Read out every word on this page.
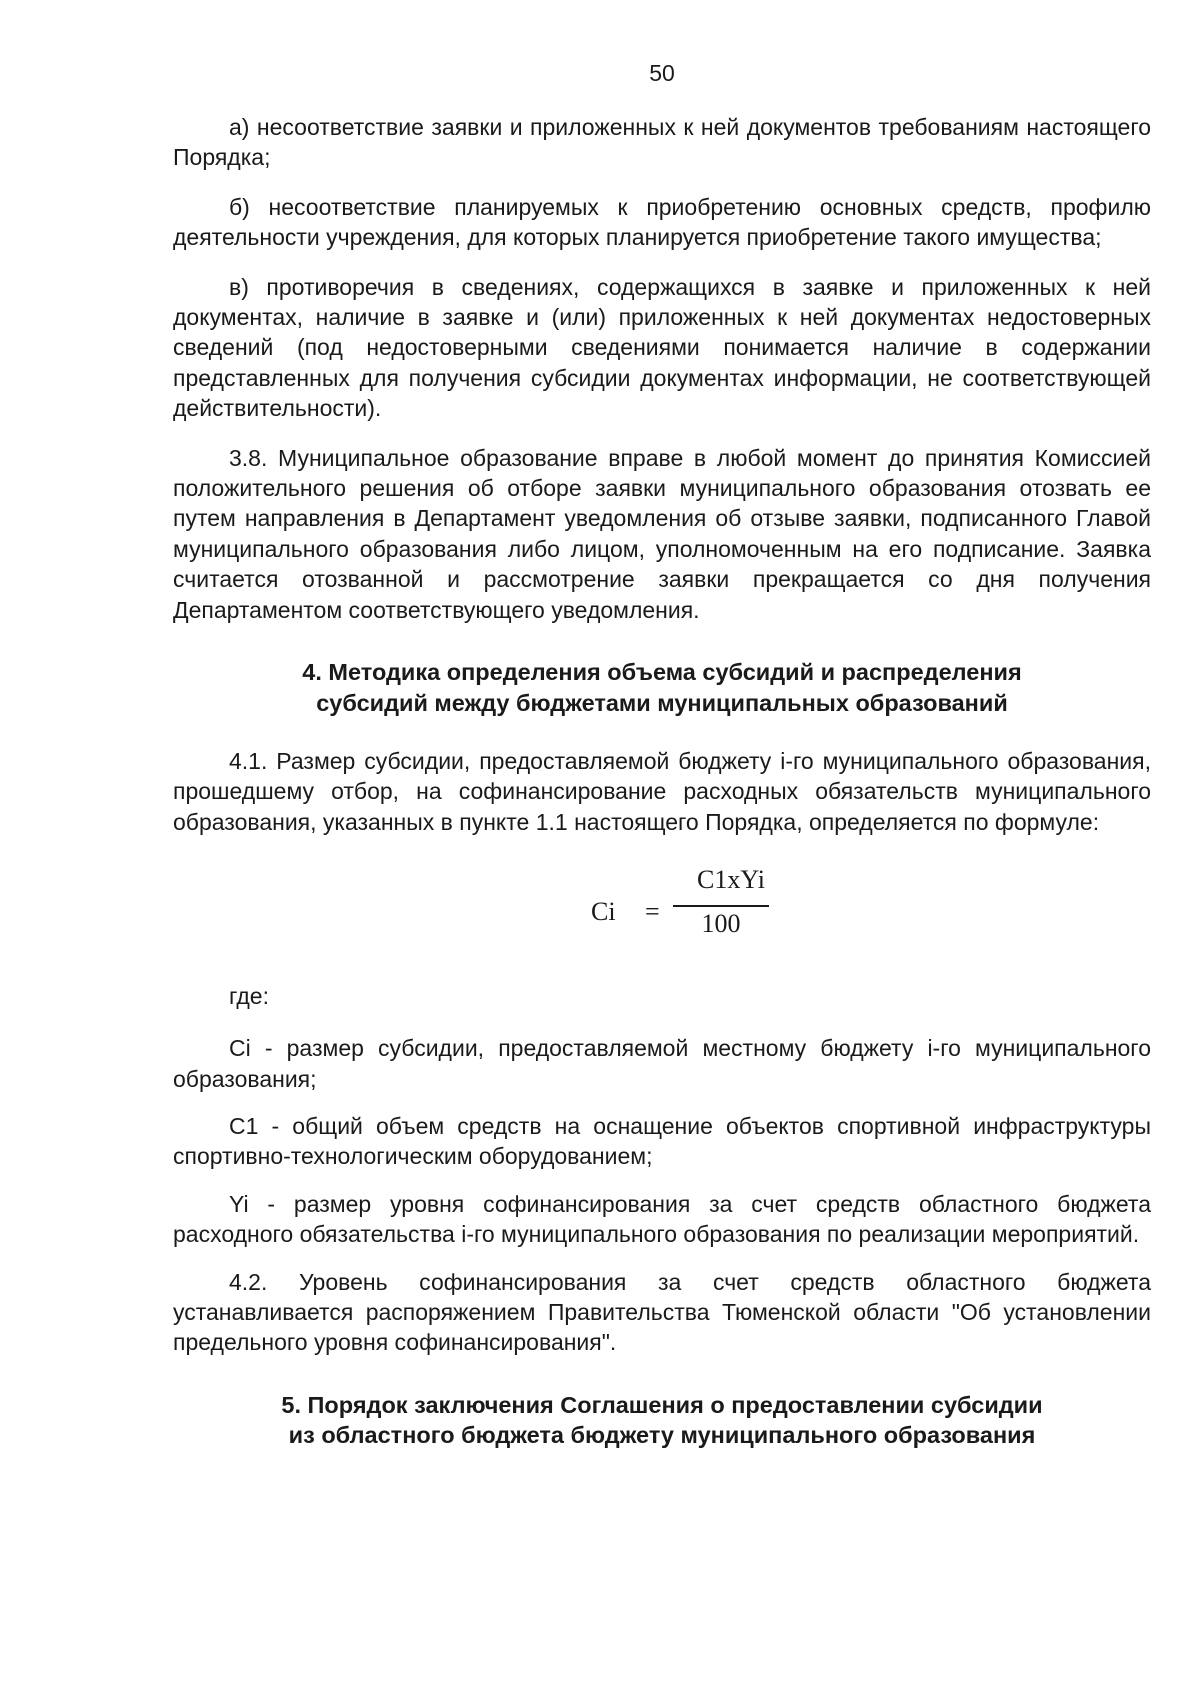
50

а) несоответствие заявки и приложенных к ней документов требованиям настоящего Порядка;

б) несоответствие планируемых к приобретению основных средств, профилю деятельности учреждения, для которых планируется приобретение такого имущества;

в) противоречия в сведениях, содержащихся в заявке и приложенных к ней документах, наличие в заявке и (или) приложенных к ней документах недостоверных сведений (под недостоверными сведениями понимается наличие в содержании представленных для получения субсидии документах информации, не соответствующей действительности).

3.8. Муниципальное образование вправе в любой момент до принятия Комиссией положительного решения об отборе заявки муниципального образования отозвать ее путем направления в Департамент уведомления об отзыве заявки, подписанного Главой муниципального образования либо лицом, уполномоченным на его подписание. Заявка считается отозванной и рассмотрение заявки прекращается со дня получения Департаментом соответствующего уведомления.

4. Методика определения объема субсидий и распределения
субсидий между бюджетами муниципальных образований

4.1. Размер субсидии, предоставляемой бюджету i-го муниципального образования, прошедшему отбор, на софинансирование расходных обязательств муниципального образования, указанных в пункте 1.1 настоящего Порядка, определяется по формуле:

Ci =
C1xYi
100

где:

Ci - размер субсидии, предоставляемой местному бюджету i-го муниципального образования;

C1 - общий объем средств на оснащение объектов спортивной инфраструктуры спортивно-технологическим оборудованием;

Yi - размер уровня софинансирования за счет средств областного бюджета расходного обязательства i-го муниципального образования по реализации мероприятий.

4.2. Уровень софинансирования за счет средств областного бюджета устанавливается распоряжением Правительства Тюменской области "Об установлении предельного уровня софинансирования".

5. Порядок заключения Соглашения о предоставлении субсидии
из областного бюджета бюджету муниципального образования
